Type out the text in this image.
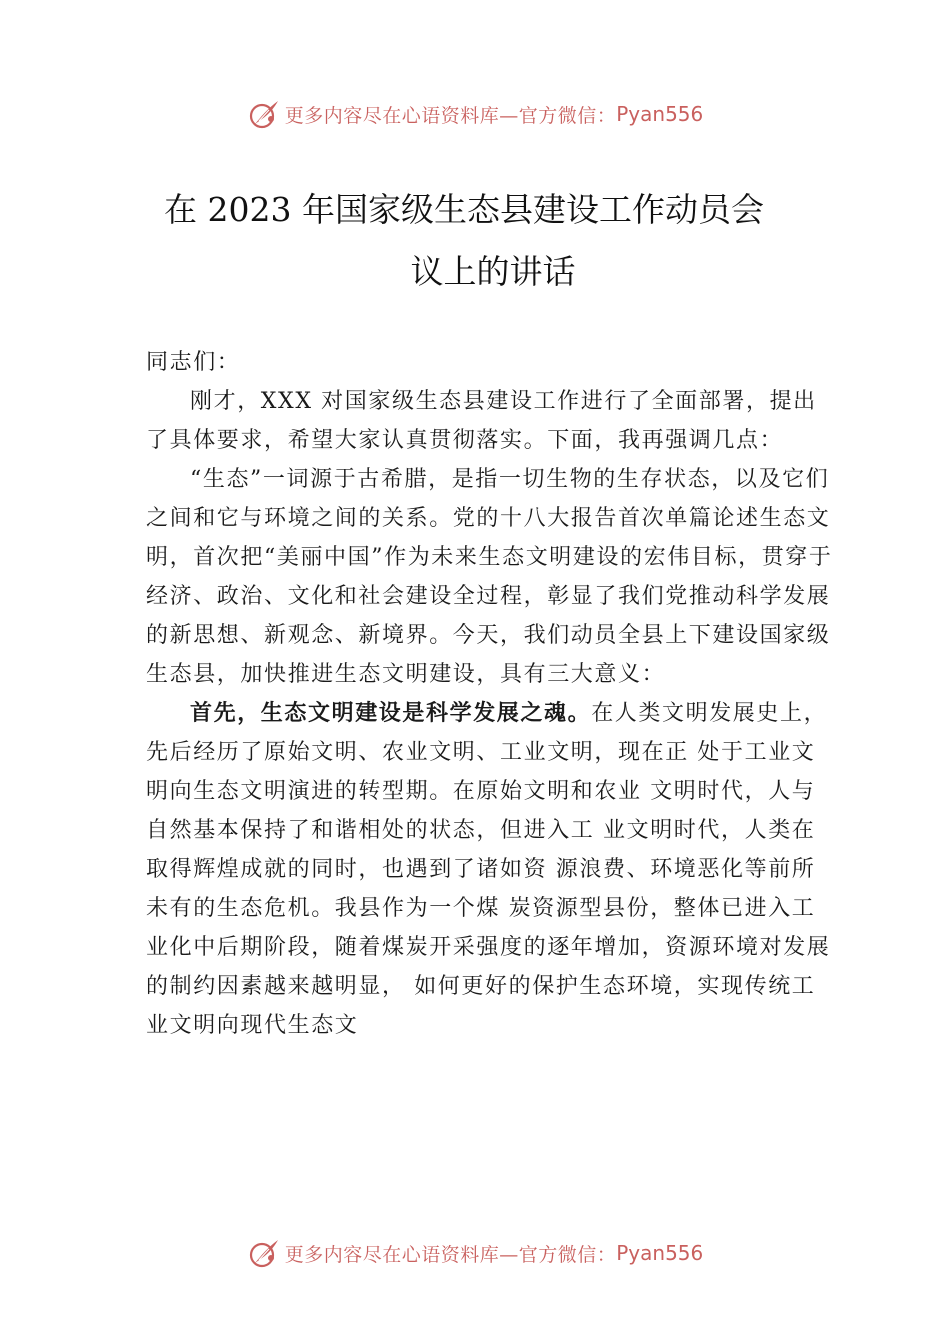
更多内容尽在心语资料库—官方微信： Pyan556
在 2023 年国家级生态县建设工作动员会
议上的讲话

同志们：

刚才，XXX 对国家级生态县建设工作进行了全面部署，提出了具体要求，希望大家认真贯彻落实。下面，我再强调几点：

“生态”一词源于古希腊，是指一切生物的生存状态，以及它们之间和它与环境之间的关系。党的十八大报告首次单篇论述生态文明，首次把“美丽中国”作为未来生态文明建设的宏伟目标，贯穿于经济、政治、文化和社会建设全过程，彰显了我们党推动科学发展的新思想、新观念、新境界。今天，我们动员全县上下建设国家级生态县，加快推进生态文明建设，具有三大意义：

首先，生态文明建设是科学发展之魂。在人类文明发展史上，先后经历了原始文明、农业文明、工业文明，现在正 处于工业文明向生态文明演进的转型期。在原始文明和农业 文明时代，人与自然基本保持了和谐相处的状态，但进入工 业文明时代，人类在取得辉煌成就的同时，也遇到了诸如资 源浪费、环境恶化等前所未有的生态危机。我县作为一个煤 炭资源型县份，整体已进入工业化中后期阶段，随着煤炭开采强度的逐年增加，资源环境对发展的制约因素越来越明显， 如何更好的保护生态环境，实现传统工业文明向现代生态文

更多内容尽在心语资料库—官方微信： Pyan556
